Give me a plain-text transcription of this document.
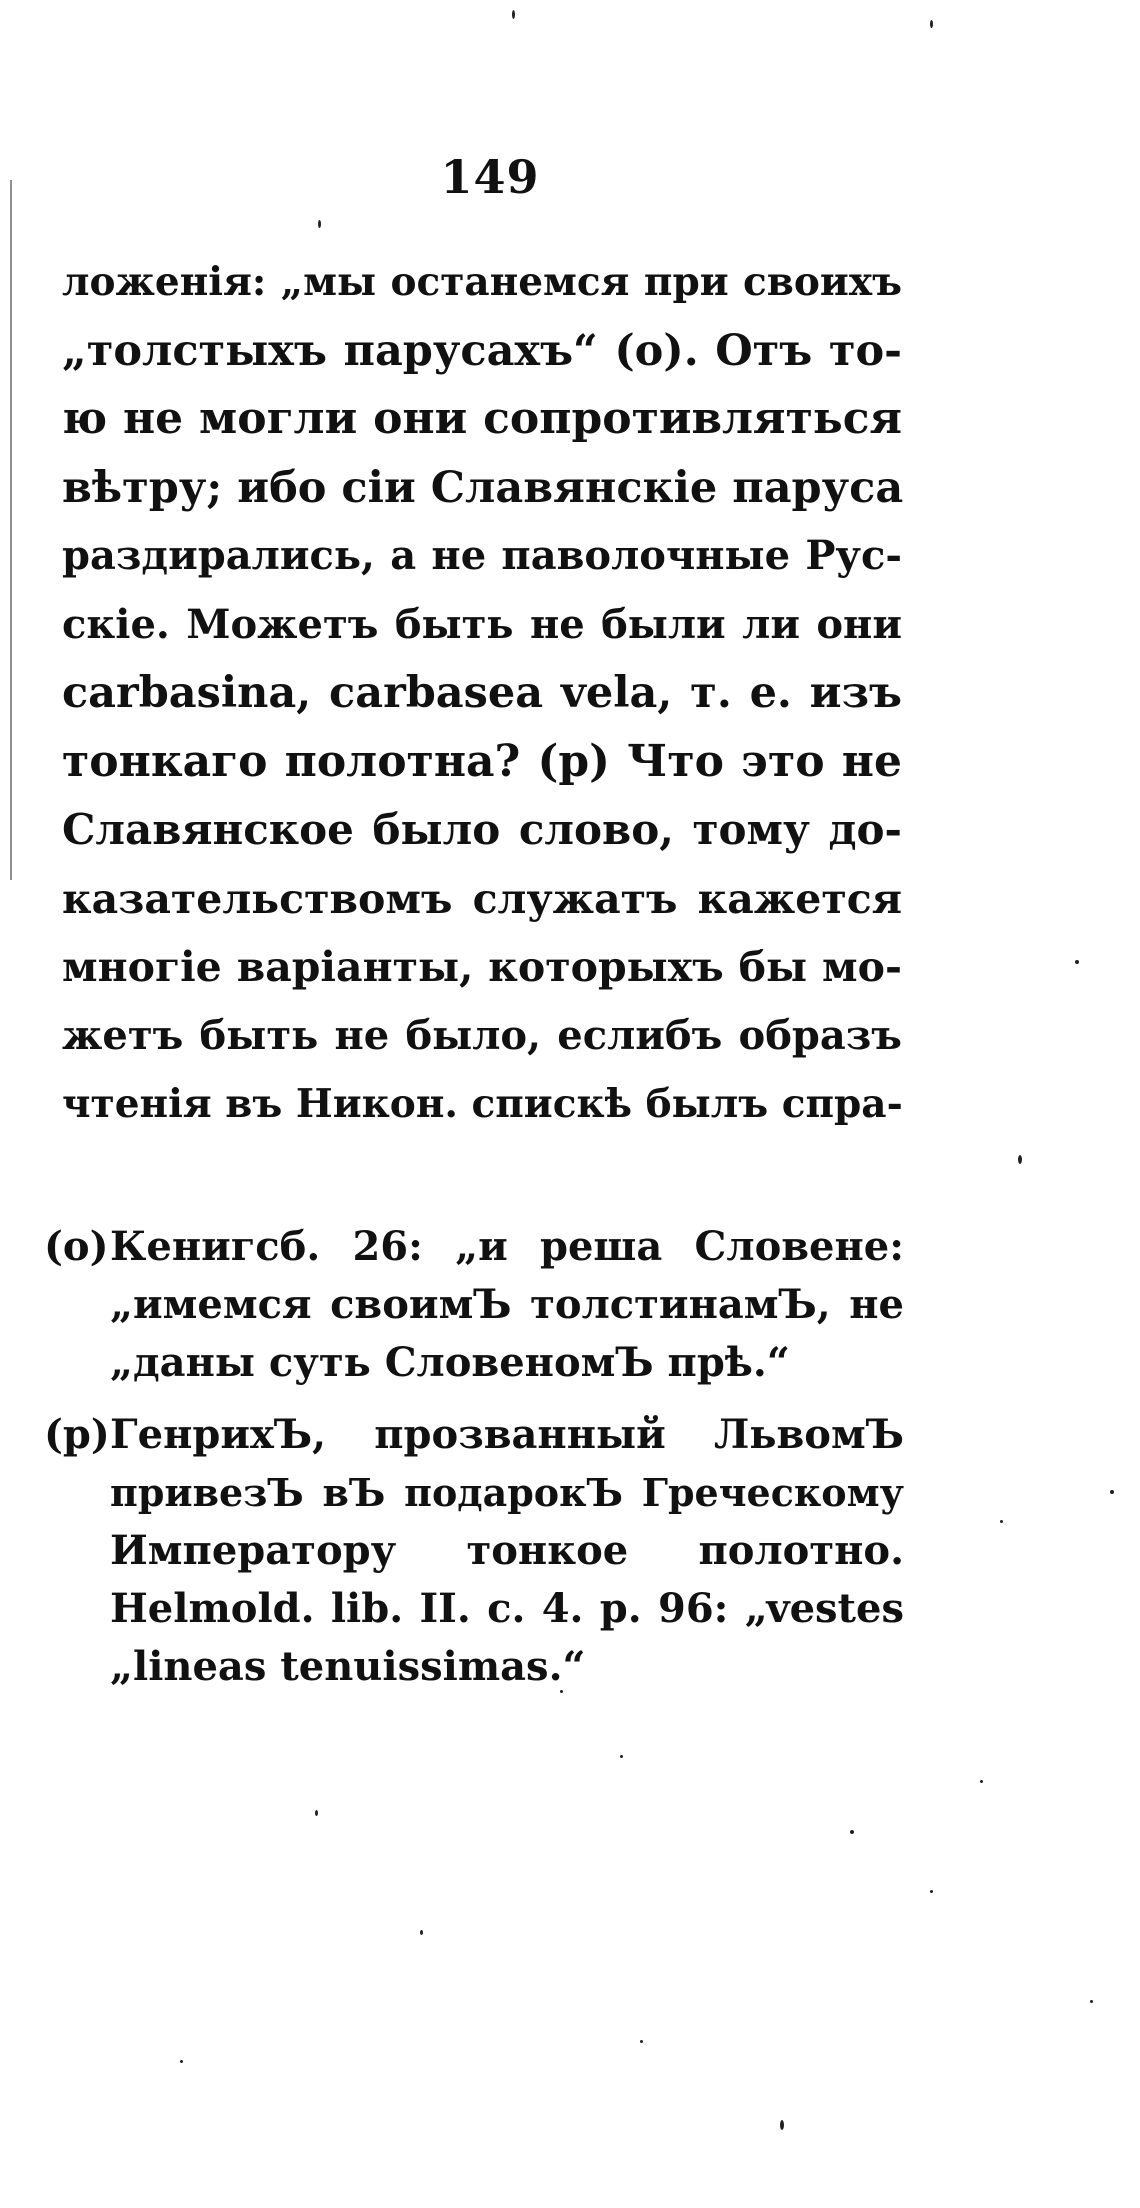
149
ложенія: „мы останемся при своихъ
„толстыхъ парусахъ“ (о). Отъ то-
ю не могли они сопротивляться
вѣтру; ибо сіи Славянскіе паруса
раздирались, а не паволочные Рус-
скіе. Можетъ быть не были ли они
carbasina, carbasea vela, т. е. изъ
тонкаго полотна? (р) Что это не
Славянское было слово, тому до-
казательствомъ служатъ кажется
многіе варіанты, которыхъ бы мо-
жетъ быть не было, еслибъ образъ
чтенія въ Никон. спискѣ былъ спра-
(о) Кенигсб. 26: „и реша Словене:
„имемся своимЪ толстинамЪ, не
„даны суть СловеномЪ прѣ.“
(р) ГенрихЪ, прозванный ЛьвомЪ
привезЪ вЪ подарокЪ Греческому
Императору тонкое полотно.
Helmold. lib. II. c. 4. p. 96: „vestes
„lineas tenuissimas.“
